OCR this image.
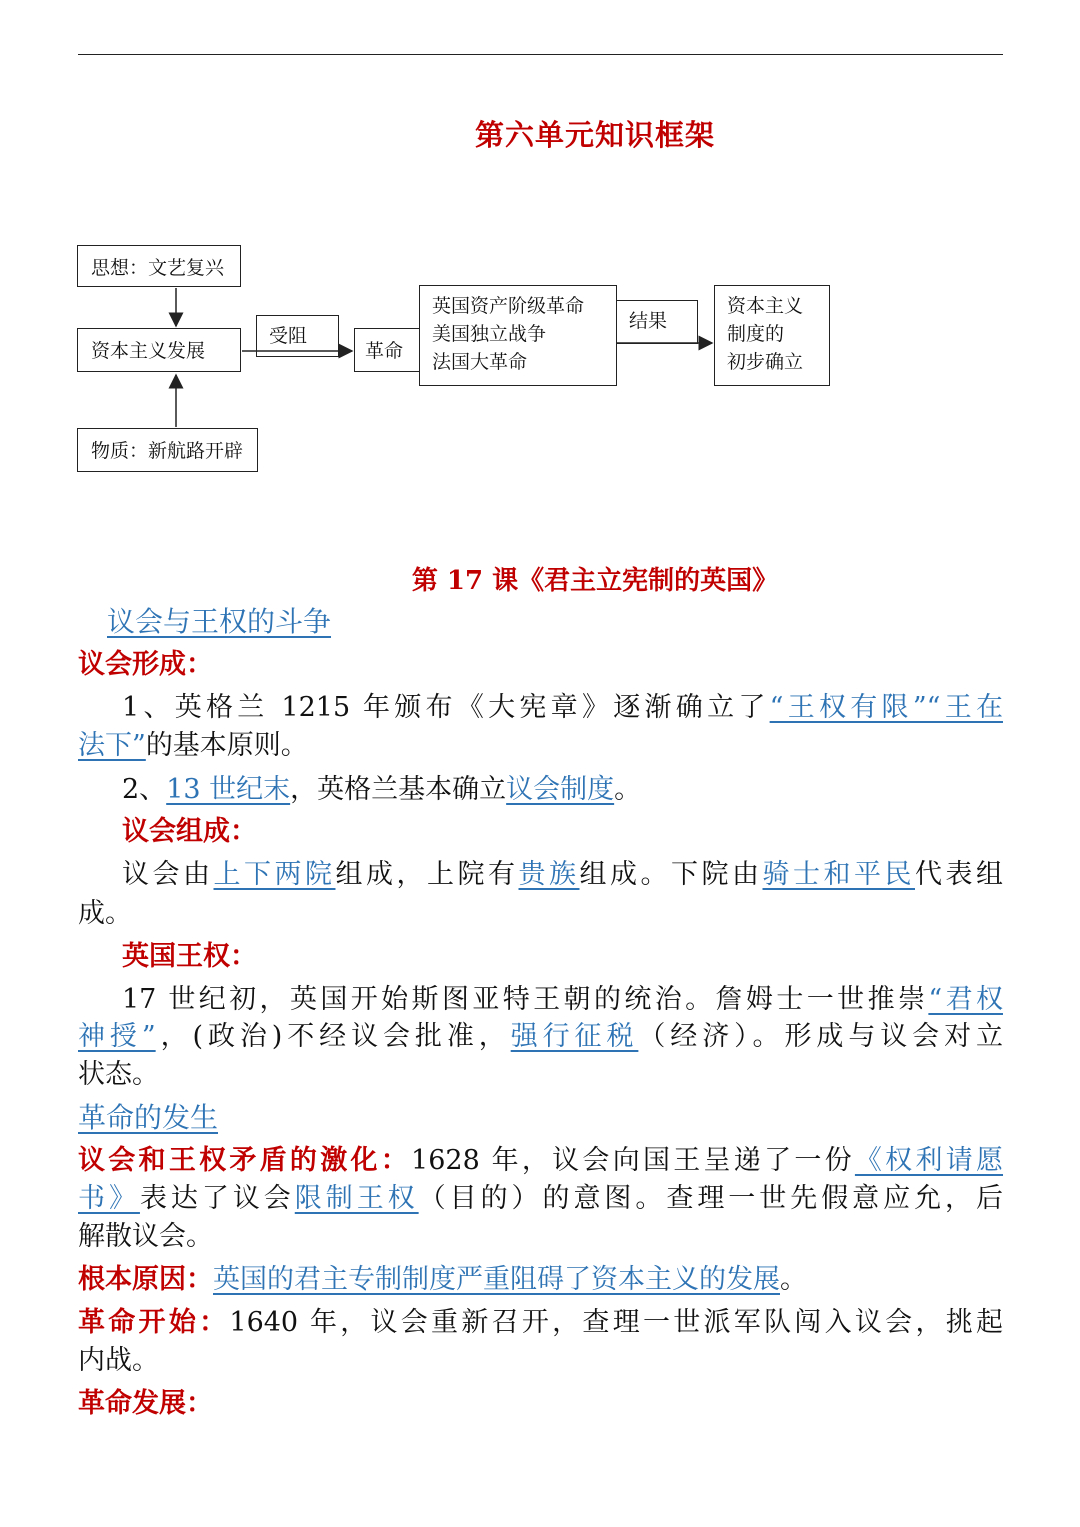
第六单元知识框架
思想：文艺复兴
资本主义发展
物质：新航路开辟
受阻
革命
英国资产阶级革命
美国独立战争
法国大革命
结果
资本主义
制度的
初步确立
第 17 课《君主立宪制的英国》
议会与王权的斗争
议会形成：
1、英格兰 1215 年颁布《大宪章》逐渐确立了“王权有限”“王在
法下”的基本原则。
2、13 世纪末，英格兰基本确立议会制度。
议会组成：
议会由上下两院组成，上院有贵族组成。下院由骑士和平民代表组
成。
英国王权：
17 世纪初，英国开始斯图亚特王朝的统治。詹姆士一世推崇“君权
神授”，(政治)不经议会批准，强行征税（经济）。形成与议会对立
状态。
革命的发生
议会和王权矛盾的激化：1628 年，议会向国王呈递了一份《权利请愿
书》表达了议会限制王权（目的）的意图。查理一世先假意应允，后
解散议会。
根本原因：英国的君主专制制度严重阻碍了资本主义的发展。
革命开始：1640 年，议会重新召开，查理一世派军队闯入议会，挑起
内战。
革命发展：
